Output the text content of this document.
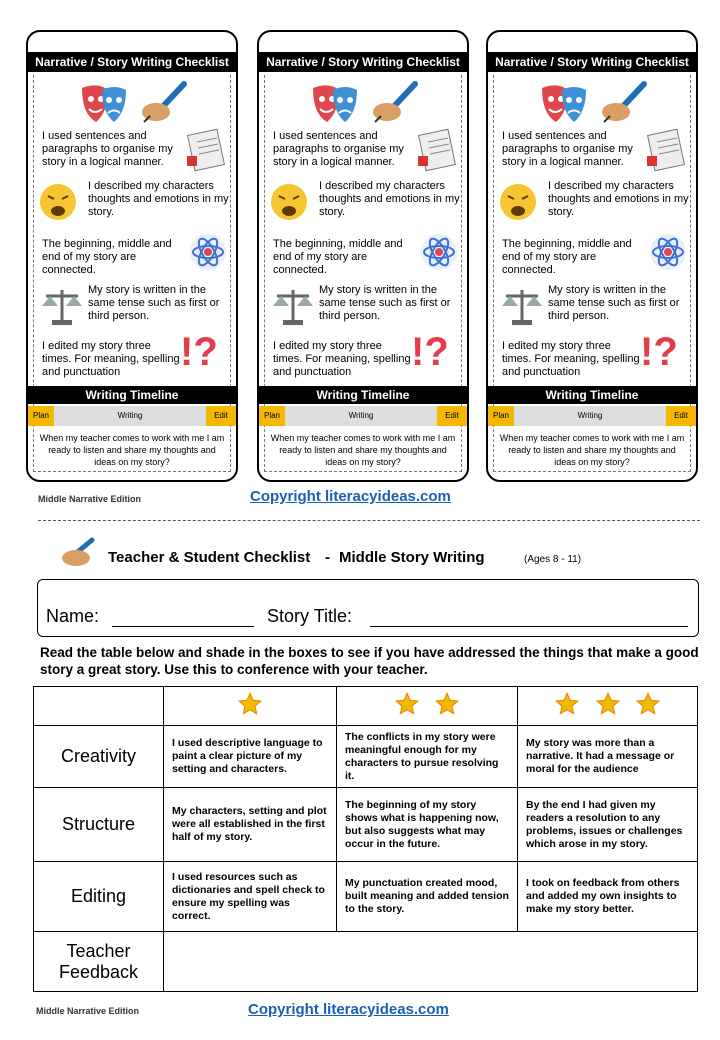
Narrative / Story Writing Checklist
I used sentences and paragraphs to organise my story in a logical manner.
I described my characters thoughts and emotions in my story.
The beginning, middle and end of my story are connected.
My story is written in the same tense such as first or third person.
I edited my story three times. For meaning, spelling and punctuation	!?
Writing Timeline
Plan	Writing	Edit
When my teacher comes to work with me I am ready to listen and share my thoughts and ideas on my story?
Narrative / Story Writing Checklist
I used sentences and paragraphs to organise my story in a logical manner.
I described my characters thoughts and emotions in my story.
The beginning, middle and end of my story are connected.
My story is written in the same tense such as first or third person.
I edited my story three times. For meaning, spelling and punctuation	!?
Writing Timeline
Plan	Writing	Edit
When my teacher comes to work with me I am ready to listen and share my thoughts and ideas on my story?
Narrative / Story Writing Checklist
I used sentences and paragraphs to organise my story in a logical manner.
I described my characters thoughts and emotions in my story.
The beginning, middle and end of my story are connected.
My story is written in the same tense such as first or third person.
I edited my story three times. For meaning, spelling and punctuation	!?
Writing Timeline
Plan	Writing	Edit
When my teacher comes to work with me I am ready to listen and share my thoughts and ideas on my story?
Middle Narrative Edition	Copyright literacyideas.com
Teacher & Student Checklist - Middle Story Writing	(Ages 8 - 11)
Name:	Story Title:
Read the table below and shade in the boxes to see if you have addressed the things that make a good story a great story. Use this to conference with your teacher.

Creativity	I used descriptive language to paint a clear picture of my setting and characters.	The conflicts in my story were meaningful enough for my characters to pursue resolving it.	My story was more than a narrative. It had a message or moral for the audience
Structure	My characters, setting and plot were all established in the first half of my story.	The beginning of my story shows what is happening now, but also suggests what may occur in the future.	By the end I had given my readers a resolution to any problems, issues or challenges which arose in my story.
Editing	I used resources such as dictionaries and spell check to ensure my spelling was correct.	My punctuation created mood, built meaning and added tension to the story.	I took on feedback from others and added my own insights to make my story better.
Teacher Feedback			
Middle Narrative Edition	Copyright literacyideas.com
